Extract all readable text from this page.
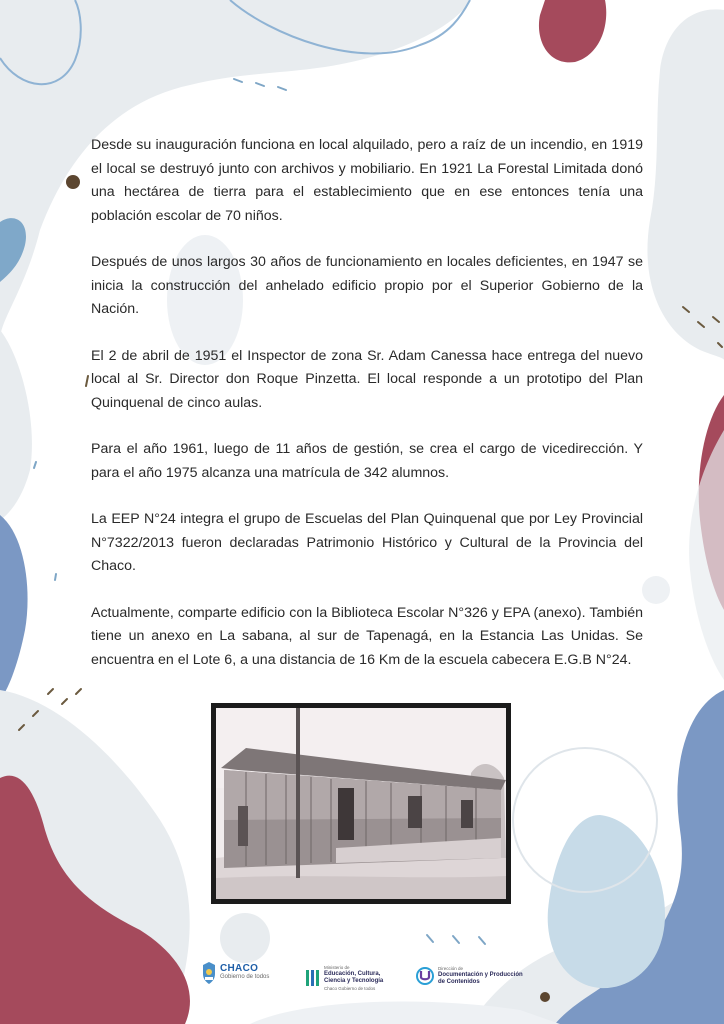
Desde su inauguración funciona en local alquilado, pero a raíz de un incendio, en 1919 el local se destruyó junto con archivos y mobiliario. En 1921 La Forestal Limitada donó una hectárea de tierra para el establecimiento que en ese entonces tenía una población escolar de 70 niños.

Después de unos largos 30 años de funcionamiento en locales deficientes, en 1947 se inicia la construcción del anhelado edificio propio por el Superior Gobierno de la Nación.

El 2 de abril de 1951 el Inspector de zona Sr. Adam Canessa hace entrega del nuevo local al Sr. Director don Roque Pinzetta. El local responde a un prototipo del Plan Quinquenal de cinco aulas.

Para el año 1961, luego de 11 años de gestión, se crea el cargo de vicedirección. Y para el año 1975 alcanza una matrícula de 342 alumnos.

La EEP N°24 integra el grupo de Escuelas del Plan Quinquenal que por Ley Provincial N°7322/2013 fueron declaradas Patrimonio Histórico y Cultural de la Provincia del Chaco.

Actualmente, comparte edificio con la Biblioteca Escolar N°326 y EPA (anexo). También tiene un anexo en La sabana, al sur de Tapenagá, en la Estancia Las Unidas. Se encuentra en el Lote 6, a una distancia de 16 Km de la escuela cabecera E.G.B N°24.

CHACO
Gobierno de todos
Ministerio de
Educación, Cultura,
Ciencia y Tecnología
Chaco Gobierno de todos
Dirección de
Documentación y Producción
de Contenidos
